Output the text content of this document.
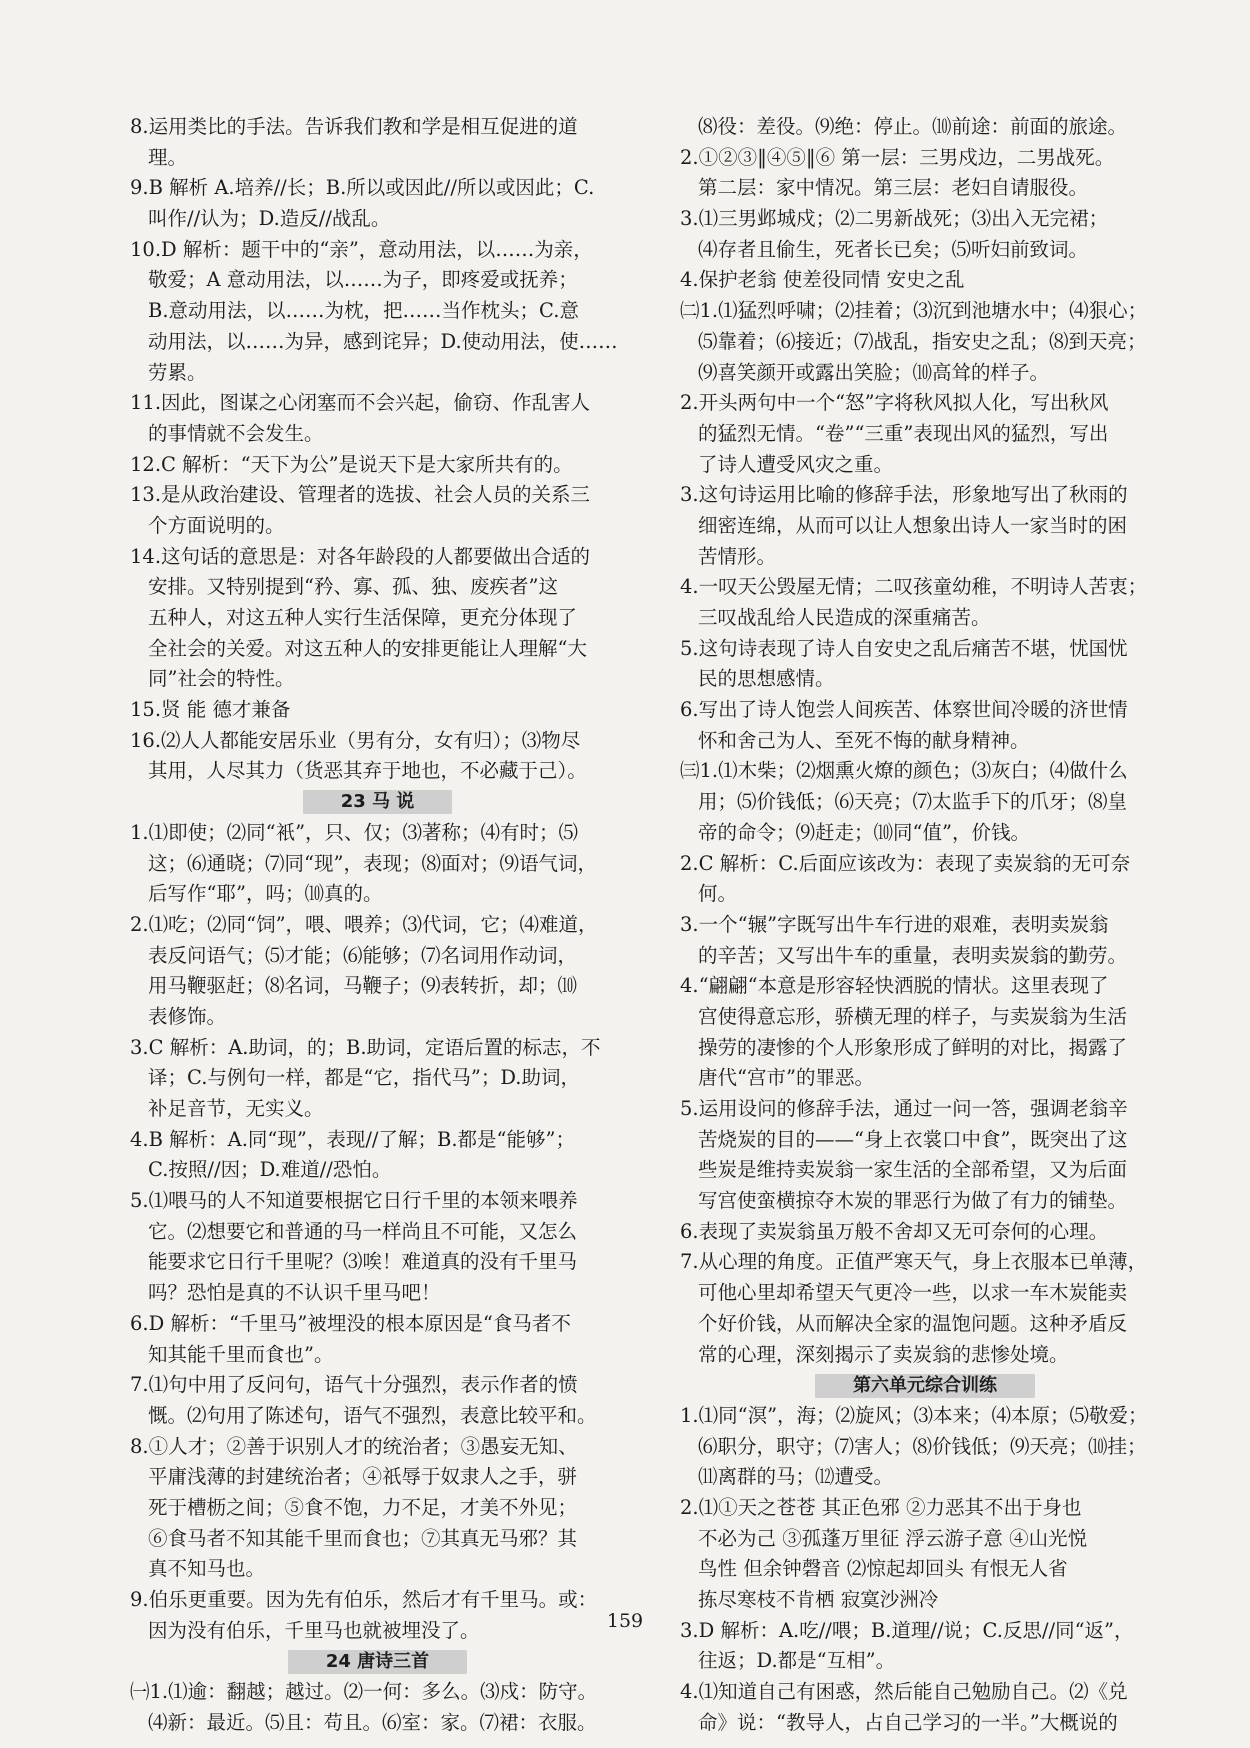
8.运用类比的手法。告诉我们教和学是相互促进的道
理。
9.B 解析 A.培养//长；B.所以或因此//所以或因此；C.
叫作//认为；D.造反//战乱。
10.D 解析：题干中的“亲”，意动用法，以……为亲，
敬爱；A 意动用法，以……为子，即疼爱或抚养；
B.意动用法，以……为枕，把……当作枕头；C.意
动用法，以……为异，感到诧异；D.使动用法，使……
劳累。
11.因此，图谋之心闭塞而不会兴起，偷窃、作乱害人
的事情就不会发生。
12.C 解析：“天下为公”是说天下是大家所共有的。
13.是从政治建设、管理者的选拔、社会人员的关系三
个方面说明的。
14.这句话的意思是：对各年龄段的人都要做出合适的
安排。又特别提到“矜、寡、孤、独、废疾者”这
五种人，对这五种人实行生活保障，更充分体现了
全社会的关爱。对这五种人的安排更能让人理解“大
同”社会的特性。
15.贤 能 德才兼备
16.⑵人人都能安居乐业（男有分，女有归）；⑶物尽
其用，人尽其力（货恶其弃于地也，不必藏于己）。
23 马 说
1.⑴即使；⑵同“衹”，只、仅；⑶著称；⑷有时；⑸
这；⑹通晓；⑺同“现”，表现；⑻面对；⑼语气词，
后写作“耶”，吗；⑽真的。
2.⑴吃；⑵同“饲”，喂、喂养；⑶代词，它；⑷难道，
表反问语气；⑸才能；⑹能够；⑺名词用作动词，
用马鞭驱赶；⑻名词，马鞭子；⑼表转折，却；⑽
表修饰。
3.C 解析：A.助词，的；B.助词，定语后置的标志，不
译；C.与例句一样，都是“它，指代马”；D.助词，
补足音节，无实义。
4.B 解析：A.同“现”，表现//了解；B.都是“能够”；
C.按照//因；D.难道//恐怕。
5.⑴喂马的人不知道要根据它日行千里的本领来喂养
它。⑵想要它和普通的马一样尚且不可能，又怎么
能要求它日行千里呢？⑶唉！难道真的没有千里马
吗？恐怕是真的不认识千里马吧！
6.D 解析：“千里马”被埋没的根本原因是“食马者不
知其能千里而食也”。
7.⑴句中用了反问句，语气十分强烈，表示作者的愤
慨。⑵句用了陈述句，语气不强烈，表意比较平和。
8.①人才；②善于识别人才的统治者；③愚妄无知、
平庸浅薄的封建统治者；④祇辱于奴隶人之手，骈
死于槽枥之间；⑤食不饱，力不足，才美不外见；
⑥食马者不知其能千里而食也；⑦其真无马邪？其
真不知马也。
9.伯乐更重要。因为先有伯乐，然后才有千里马。或：
因为没有伯乐，千里马也就被埋没了。
24 唐诗三首
㈠1.⑴逾：翻越；越过。⑵一何：多么。⑶戍：防守。
⑷新：最近。⑸且：苟且。⑹室：家。⑺裙：衣服。
⑻役：差役。⑼绝：停止。⑽前途：前面的旅途。
2.①②③‖④⑤‖⑥ 第一层：三男戍边，二男战死。
第二层：家中情况。第三层：老妇自请服役。
3.⑴三男邺城戍；⑵二男新战死；⑶出入无完裙；
⑷存者且偷生，死者长已矣；⑸听妇前致词。
4.保护老翁 使差役同情 安史之乱
㈡1.⑴猛烈呼啸；⑵挂着；⑶沉到池塘水中；⑷狠心；
⑸靠着；⑹接近；⑺战乱，指安史之乱；⑻到天亮；
⑼喜笑颜开或露出笑脸；⑽高耸的样子。
2.开头两句中一个“怒”字将秋风拟人化，写出秋风
的猛烈无情。“卷”“三重”表现出风的猛烈，写出
了诗人遭受风灾之重。
3.这句诗运用比喻的修辞手法，形象地写出了秋雨的
细密连绵，从而可以让人想象出诗人一家当时的困
苦情形。
4.一叹天公毁屋无情；二叹孩童幼稚，不明诗人苦衷；
三叹战乱给人民造成的深重痛苦。
5.这句诗表现了诗人自安史之乱后痛苦不堪，忧国忧
民的思想感情。
6.写出了诗人饱尝人间疾苦、体察世间冷暖的济世情
怀和舍己为人、至死不悔的献身精神。
㈢1.⑴木柴；⑵烟熏火燎的颜色；⑶灰白；⑷做什么
用；⑸价钱低；⑹天亮；⑺太监手下的爪牙；⑻皇
帝的命令；⑼赶走；⑽同“值”，价钱。
2.C 解析：C.后面应该改为：表现了卖炭翁的无可奈
何。
3.一个“辗”字既写出牛车行进的艰难，表明卖炭翁
的辛苦；又写出牛车的重量，表明卖炭翁的勤劳。
4.“翩翩“本意是形容轻快洒脱的情状。这里表现了
宫使得意忘形，骄横无理的样子，与卖炭翁为生活
操劳的凄惨的个人形象形成了鲜明的对比，揭露了
唐代“宫市”的罪恶。
5.运用设问的修辞手法，通过一问一答，强调老翁辛
苦烧炭的目的——“身上衣裳口中食”，既突出了这
些炭是维持卖炭翁一家生活的全部希望，又为后面
写宫使蛮横掠夺木炭的罪恶行为做了有力的铺垫。
6.表现了卖炭翁虽万般不舍却又无可奈何的心理。
7.从心理的角度。正值严寒天气，身上衣服本已单薄，
可他心里却希望天气更冷一些，以求一车木炭能卖
个好价钱，从而解决全家的温饱问题。这种矛盾反
常的心理，深刻揭示了卖炭翁的悲惨处境。
第六单元综合训练
1.⑴同“溟”，海；⑵旋风；⑶本来；⑷本原；⑸敬爱；
⑹职分，职守；⑺害人；⑻价钱低；⑼天亮；⑽挂；
⑾离群的马；⑿遭受。
2.⑴①天之苍苍 其正色邪 ②力恶其不出于身也
不必为己 ③孤蓬万里征 浮云游子意 ④山光悦
鸟性 但余钟磬音 ⑵惊起却回头 有恨无人省
拣尽寒枝不肯栖 寂寞沙洲冷
3.D 解析：A.吃//喂；B.道理//说；C.反思//同“返”，
往返；D.都是“互相”。
4.⑴知道自己有困惑，然后能自己勉励自己。⑵《兑
命》说：“教导人，占自己学习的一半。”大概说的
159
